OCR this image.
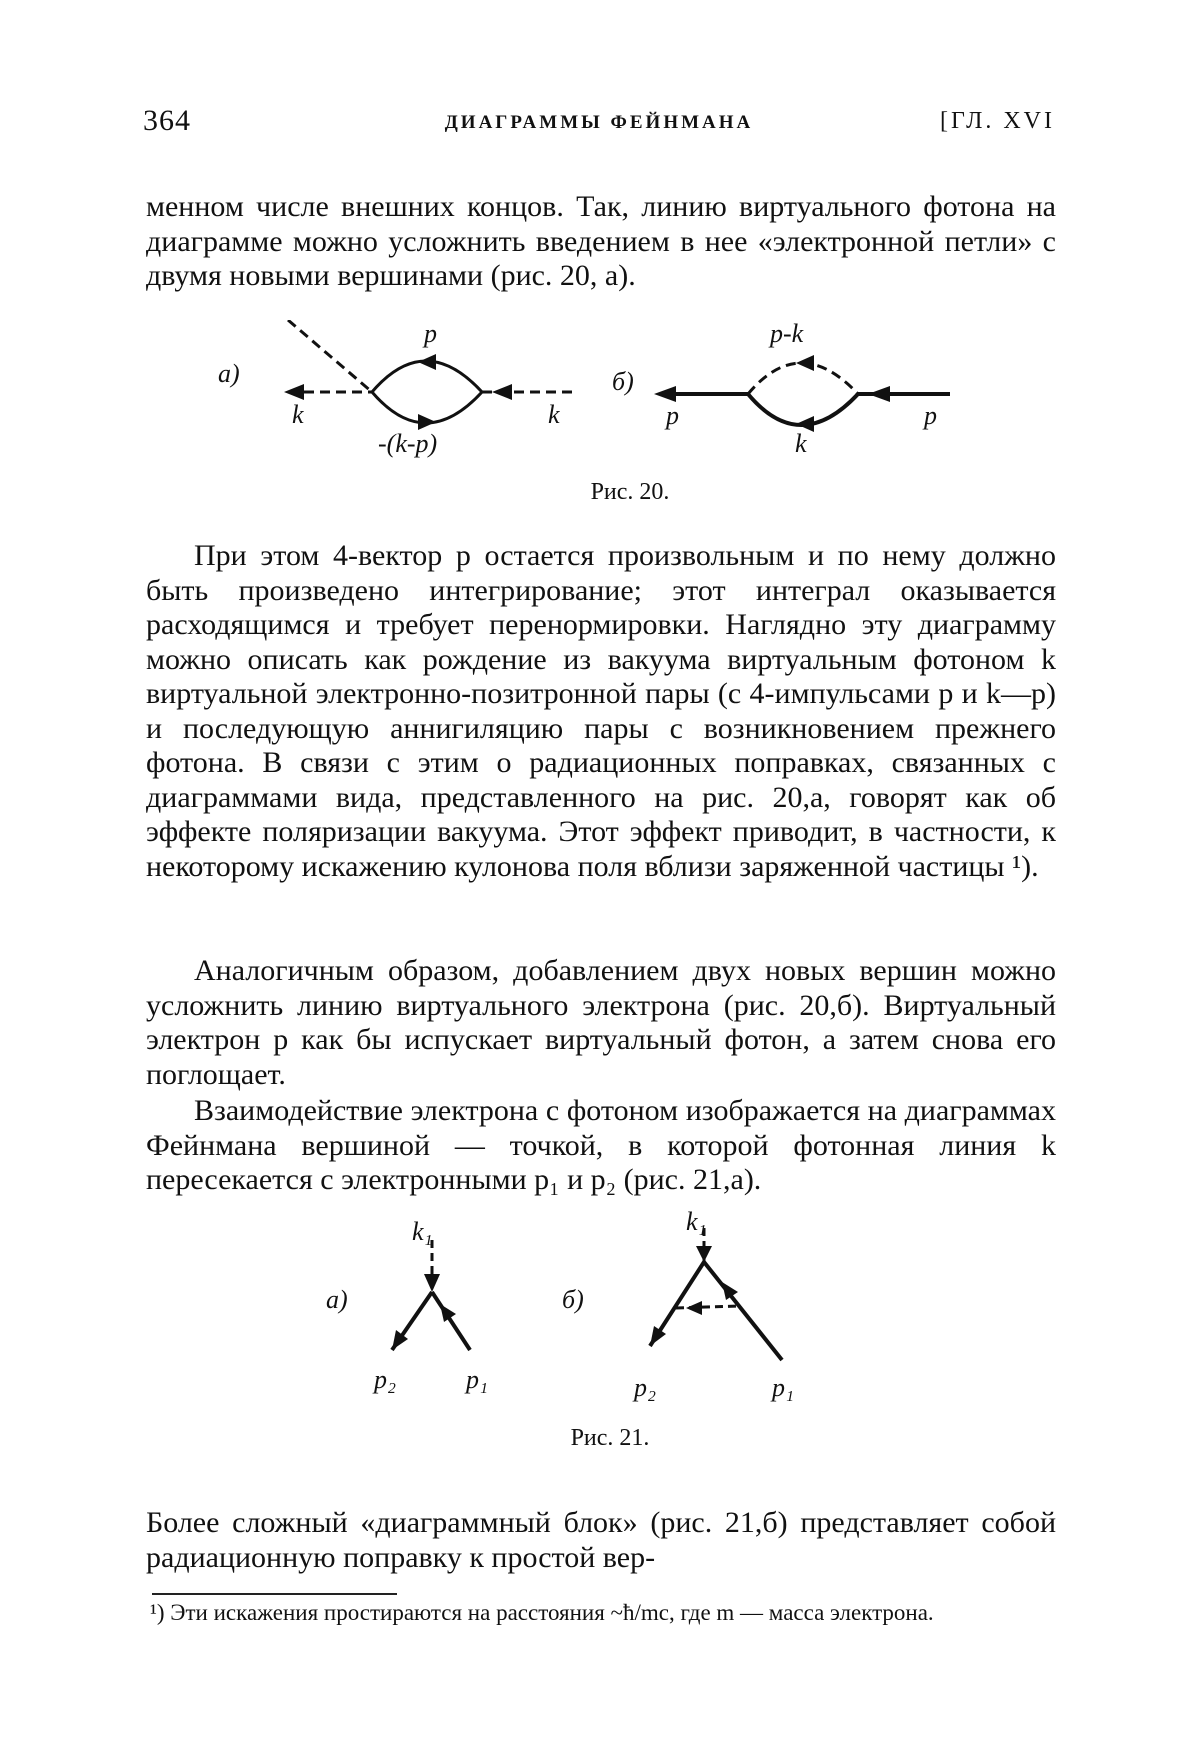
364	ДИАГРАММЫ ФЕЙНМАНА	[ГЛ. XVI

менном числе внешних концов. Так, линию виртуального фотона на диаграмме можно усложнить введением в нее «электронной петли» с двумя новыми вершинами (рис. 20, а).

а)
p
k	k
-(k-p)
б)
p-k
p	p
k
Рис. 20.

При этом 4-вектор p остается произвольным и по нему должно быть произведено интегрирование; этот интеграл оказывается расходящимся и требует перенормировки. Наглядно эту диаграмму можно описать как рождение из вакуума виртуальным фотоном k виртуальной электронно-позитронной пары (с 4-импульсами p и k—p) и последующую аннигиляцию пары с возникновением прежнего фотона. В связи с этим о радиационных поправках, связанных с диаграммами вида, представленного на рис. 20,а, говорят как об эффекте поляризации вакуума. Этот эффект приводит, в частности, к некоторому искажению кулонова поля вблизи заряженной частицы ¹).

Аналогичным образом, добавлением двух новых вершин можно усложнить линию виртуального электрона (рис. 20,б). Виртуальный электрон p как бы испускает виртуальный фотон, а затем снова его поглощает.

Взаимодействие электрона с фотоном изображается на диаграммах Фейнмана вершиной — точкой, в которой фотонная линия k пересекается с электронными p₁ и p₂ (рис. 21,а).

а)
k₁
p₂	p₁
б)
k₁
p₂	p₁
Рис. 21.

Более сложный «диаграммный блок» (рис. 21,б) представляет собой радиационную поправку к простой вер-

¹) Эти искажения простираются на расстояния ~ħ/mc, где m — масса электрона.
